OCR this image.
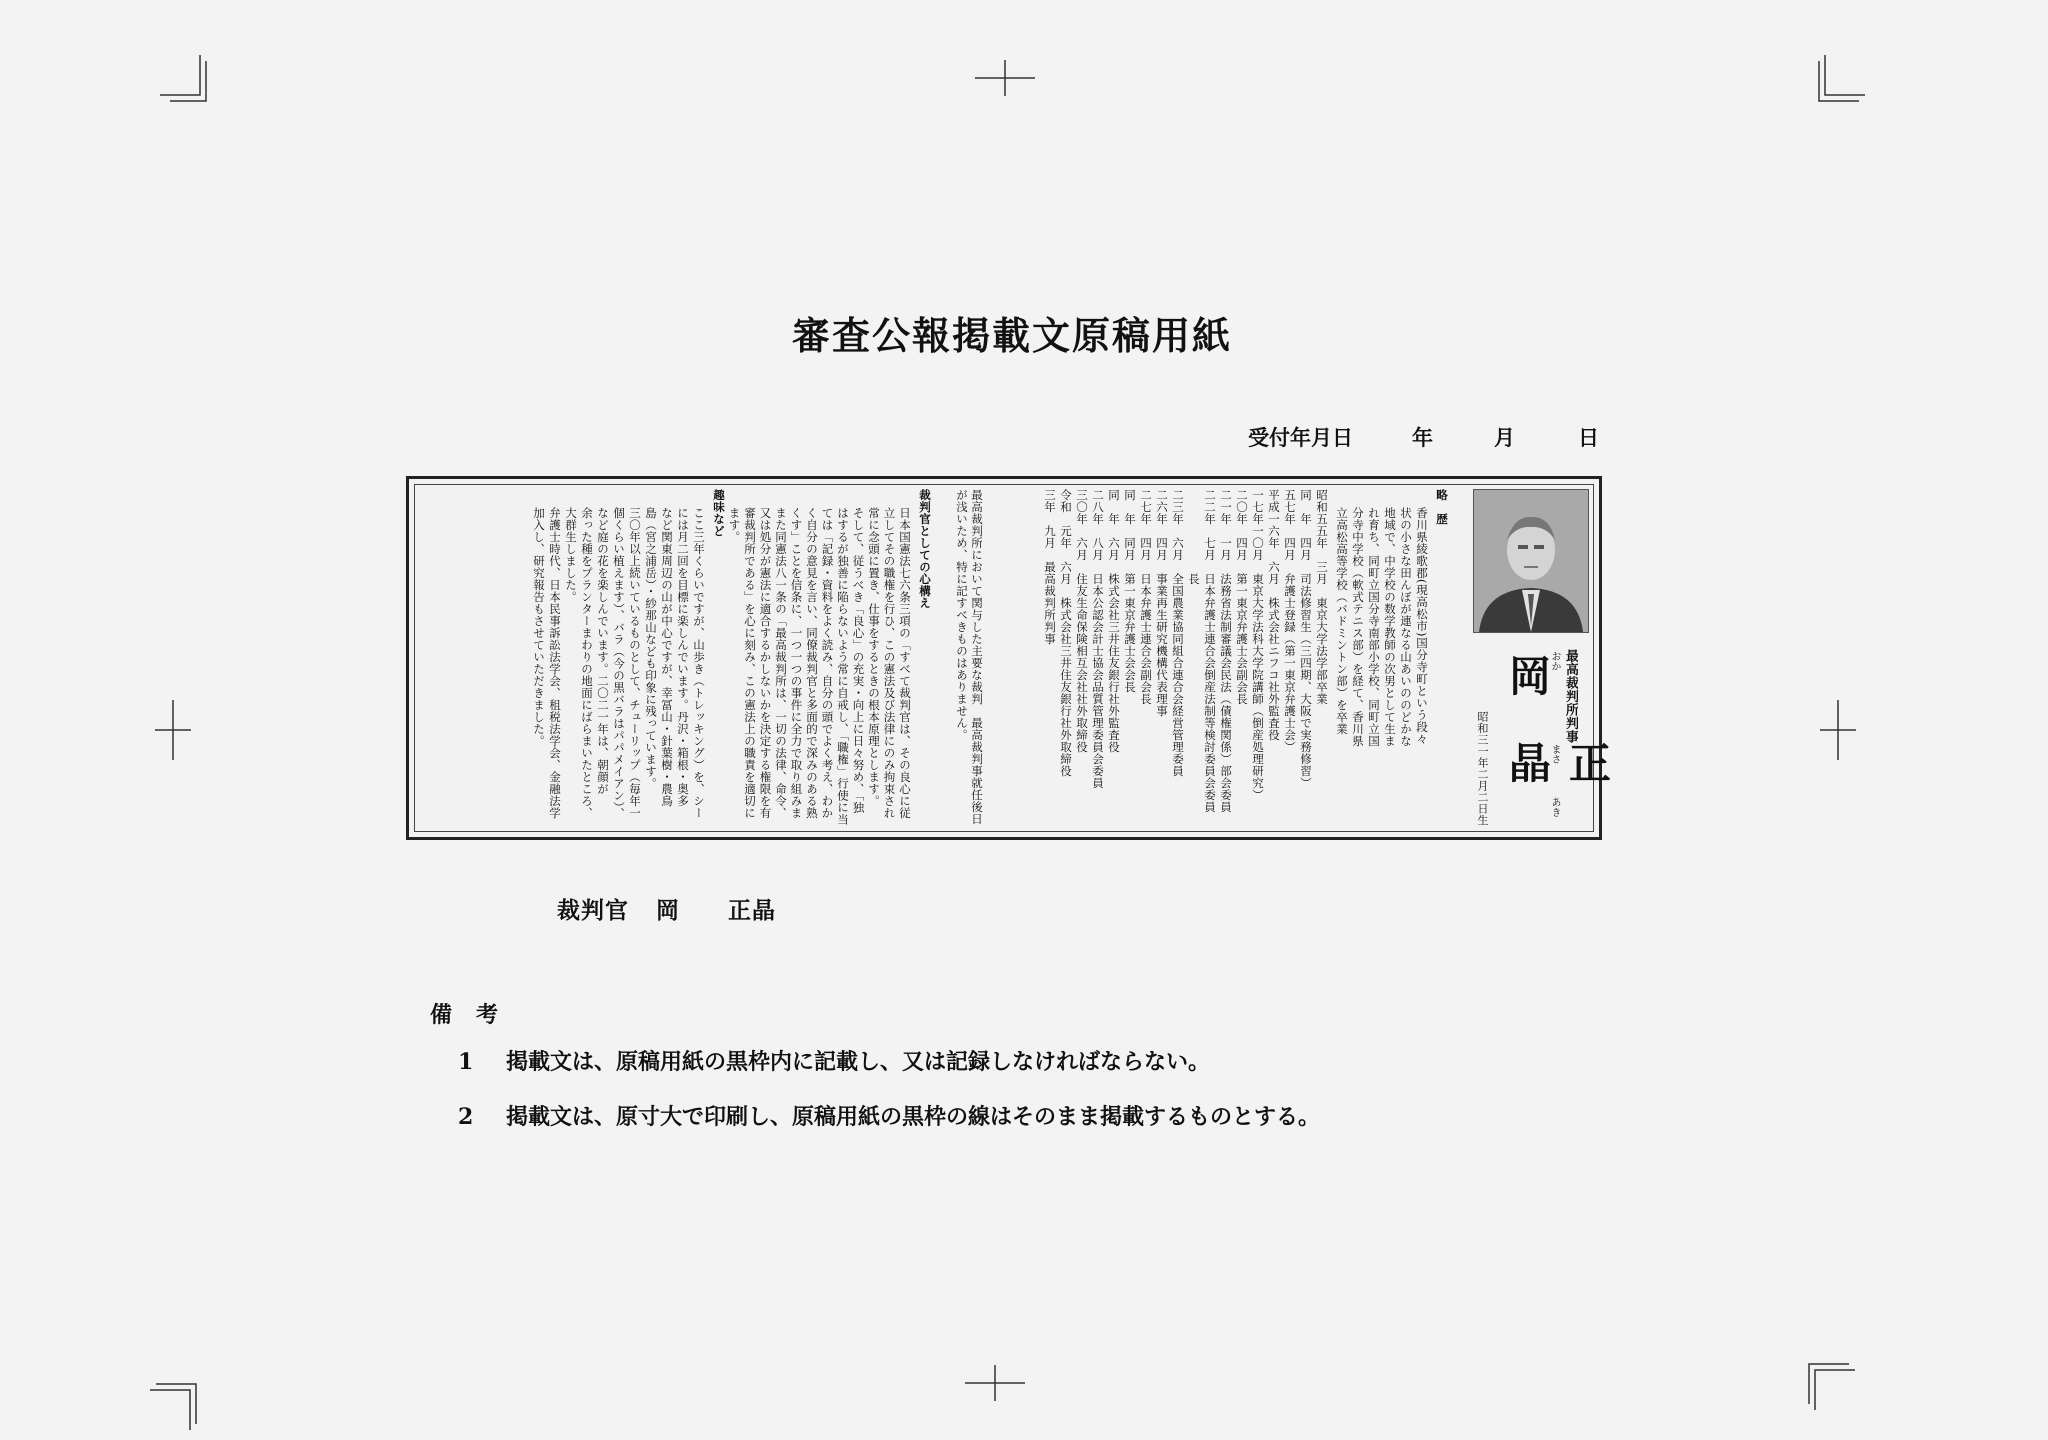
審査公報掲載文原稿用紙
受付年月日	年	月	日
最高裁判所判事
おか
まさ
あき
岡
正晶
昭和三一年二月二日生
略　歴
香川県綾歌郡(現高松市)国分寺町という段々
状の小さな田んぼが連なる山あいののどかな
地域で、中学校の数学教師の次男として生ま
れ育ち、同町立国分寺南部小学校、同町立国
分寺中学校（軟式テニス部）を経て、香川県
立高松高等学校（バドミントン部）を卒業
昭和五五年　三月　東京大学法学部卒業
同　年　四月　司法修習生（三四期、大阪で実務修習）
五七年　四月　弁護士登録（第一東京弁護士会）
平成一六年　六月　株式会社ニフコ社外監査役
一七年一〇月　東京大学法科大学院講師（倒産処理研究）
二〇年　四月　第一東京弁護士会副会長
二一年　一月　法務省法制審議会民法（債権関係）部会委員
二二年　七月　日本弁護士連合会倒産法制等検討委員会委員
　　　　　　　長
二三年　六月　全国農業協同組合連合会経営管理委員
二六年　四月　事業再生研究機構代表理事
二七年　四月　日本弁護士連合会副会長
同　年　同月　第一東京弁護士会会長
同　年　六月　株式会社三井住友銀行社外監査役
二八年　八月　日本公認会計士協会品質管理委員会委員
三〇年　六月　住友生命保険相互会社社外取締役
令和　元年　六月　株式会社三井住友銀行社外取締役
三年　九月　最高裁判所判事
最高裁判所において関与した主要な裁判　最高裁判事就任後日が浅いため、特に記すべきものはありません。
裁判官としての心構え
日本国憲法七六条三項の「すべて裁判官は、その良心に従
立してその職権を行ひ、この憲法及び法律にのみ拘束され
常に念頭に置き、仕事をするときの根本原理とします。
そして、従うべき「良心」の充実・向上に日々努め、「独
はするが独善に陥らないよう常に自戒し、「職権」行使に当
ては「記録・資料をよく読み、自分の頭でよく考え、わか
く自分の意見を言い、同僚裁判官と多面的で深みのある熟
くす」ことを信条に、一つ一つの事件に全力で取り組みま
また同憲法八一条の「最高裁判所は、一切の法律、命令、
又は処分が憲法に適合するかしないかを決定する権限を有
審裁判所である」を心に刻み、この憲法上の職責を適切に
ます。
趣味など
ここ三年くらいですが、山歩き（トレッキング）を、シー
には月二回を目標に楽しんでいます。丹沢・箱根・奥多
など関東周辺の山が中心ですが、幸冨山・針葉樹・農鳥
島（宮之浦岳）・紗那山なども印象に残っています。
三〇年以上続いているものとして、チューリップ（毎年一
個くらい植えます）、バラ（今の黒バラはパパメイアン）、
など庭の花を楽しんでいます。二〇二一年は、朝顔が
余った種をプランターまわりの地面にばらまいたところ、
大群生しました。
弁護士時代、日本民事訴訟法学会、租税法学会、金融法学
加入し、研究報告もさせていただきました。
裁判官 岡　　正晶
備考
1 掲載文は、原稿用紙の黒枠内に記載し、又は記録しなければならない。
2 掲載文は、原寸大で印刷し、原稿用紙の黒枠の線はそのまま掲載するものとする。
